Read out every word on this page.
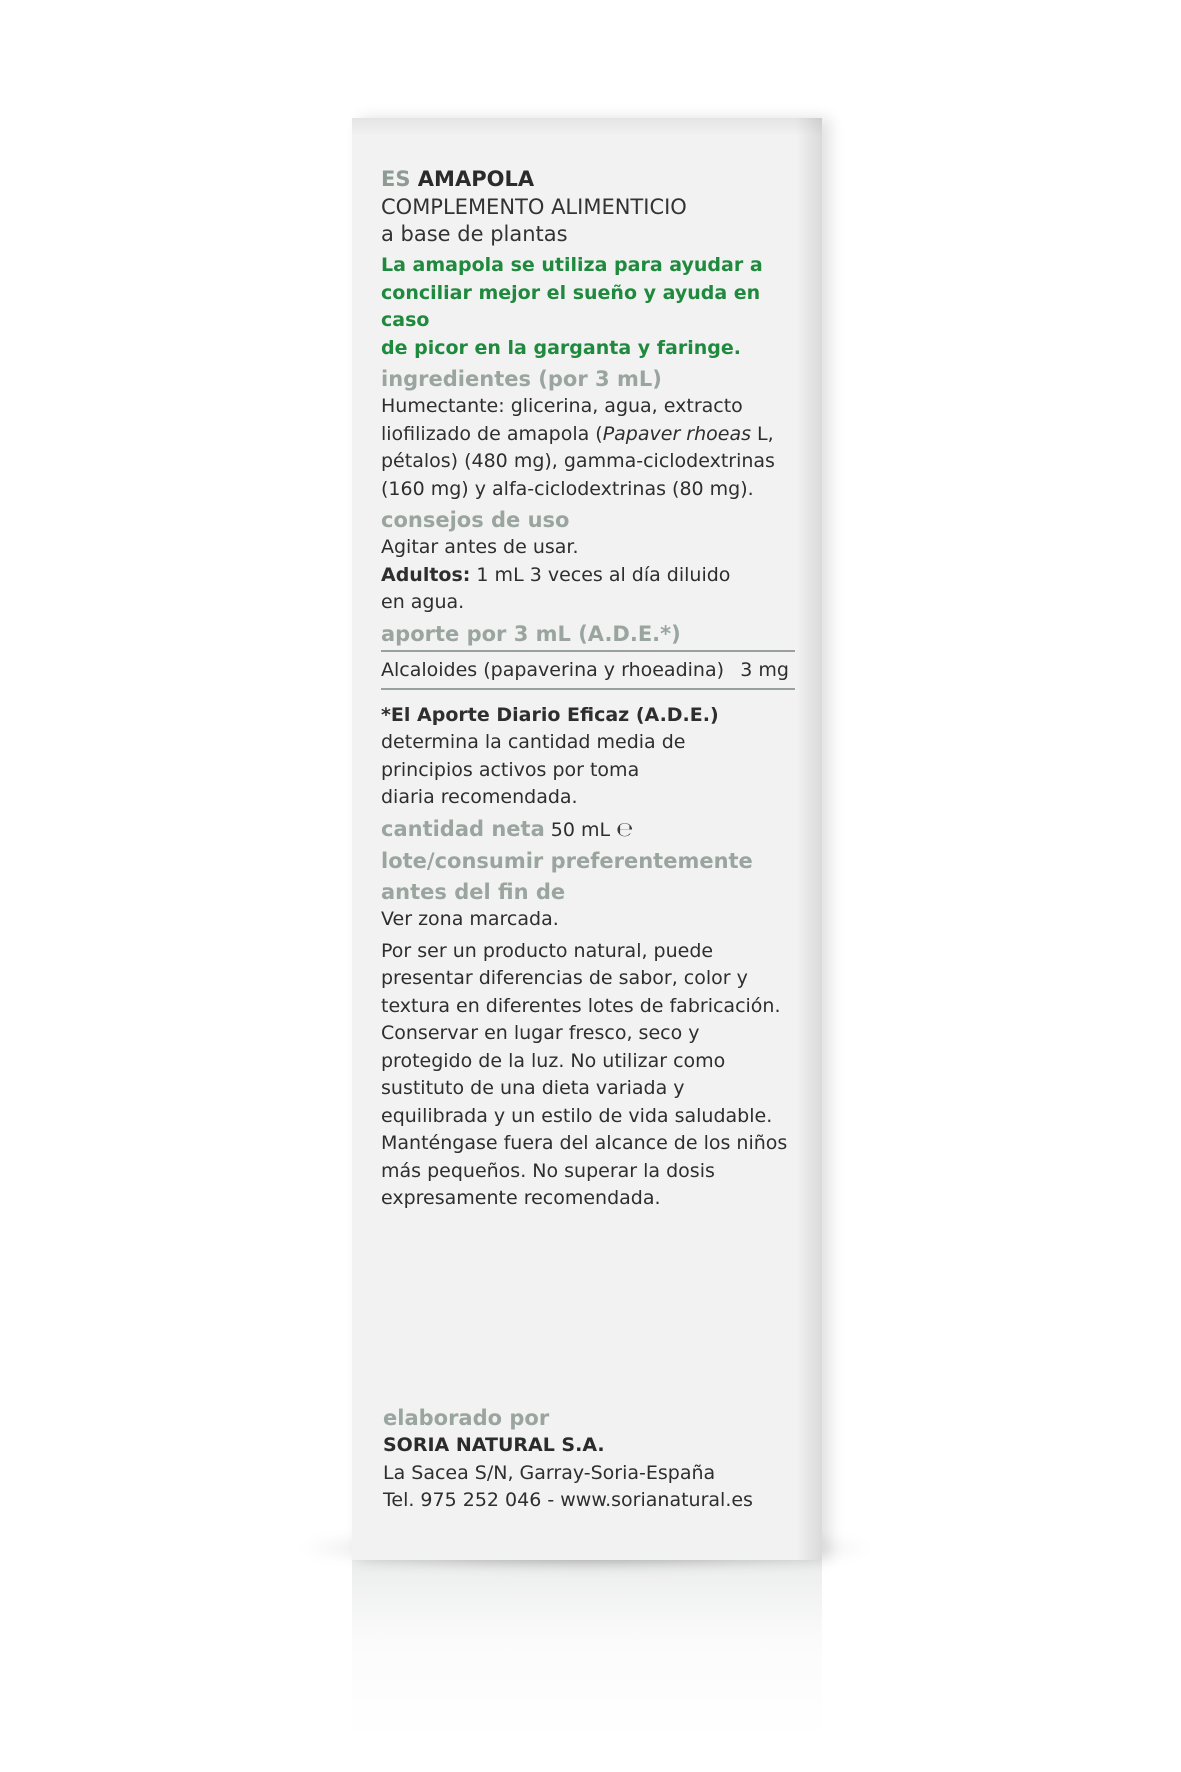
ES AMAPOLA

COMPLEMENTO ALIMENTICIO

a base de plantas

La amapola se utiliza para ayudar a

conciliar mejor el sueño y ayuda en caso

de picor en la garganta y faringe.

ingredientes (por 3 mL)

Humectante: glicerina, agua, extracto

liofilizado de amapola (Papaver rhoeas L,

pétalos) (480 mg), gamma-ciclodextrinas

(160 mg) y alfa-ciclodextrinas (80 mg).

consejos de uso

Agitar antes de usar.

Adultos: 1 mL 3 veces al día diluido

en agua.

aporte por 3 mL (A.D.E.*)

Alcaloides (papaverina y rhoeadina) 3 mg

*El Aporte Diario Eficaz (A.D.E.)

determina la cantidad media de

principios activos por toma

diaria recomendada.

cantidad neta 50 mL ℮

lote/consumir preferentemente

antes del fin de

Ver zona marcada.

Por ser un producto natural, puede

presentar diferencias de sabor, color y

textura en diferentes lotes de fabricación.

Conservar en lugar fresco, seco y

protegido de la luz. No utilizar como

sustituto de una dieta variada y

equilibrada y un estilo de vida saludable.

Manténgase fuera del alcance de los niños

más pequeños. No superar la dosis

expresamente recomendada.

elaborado por

SORIA NATURAL S.A.

La Sacea S/N, Garray-Soria-España

Tel. 975 252 046 - www.sorianatural.es
